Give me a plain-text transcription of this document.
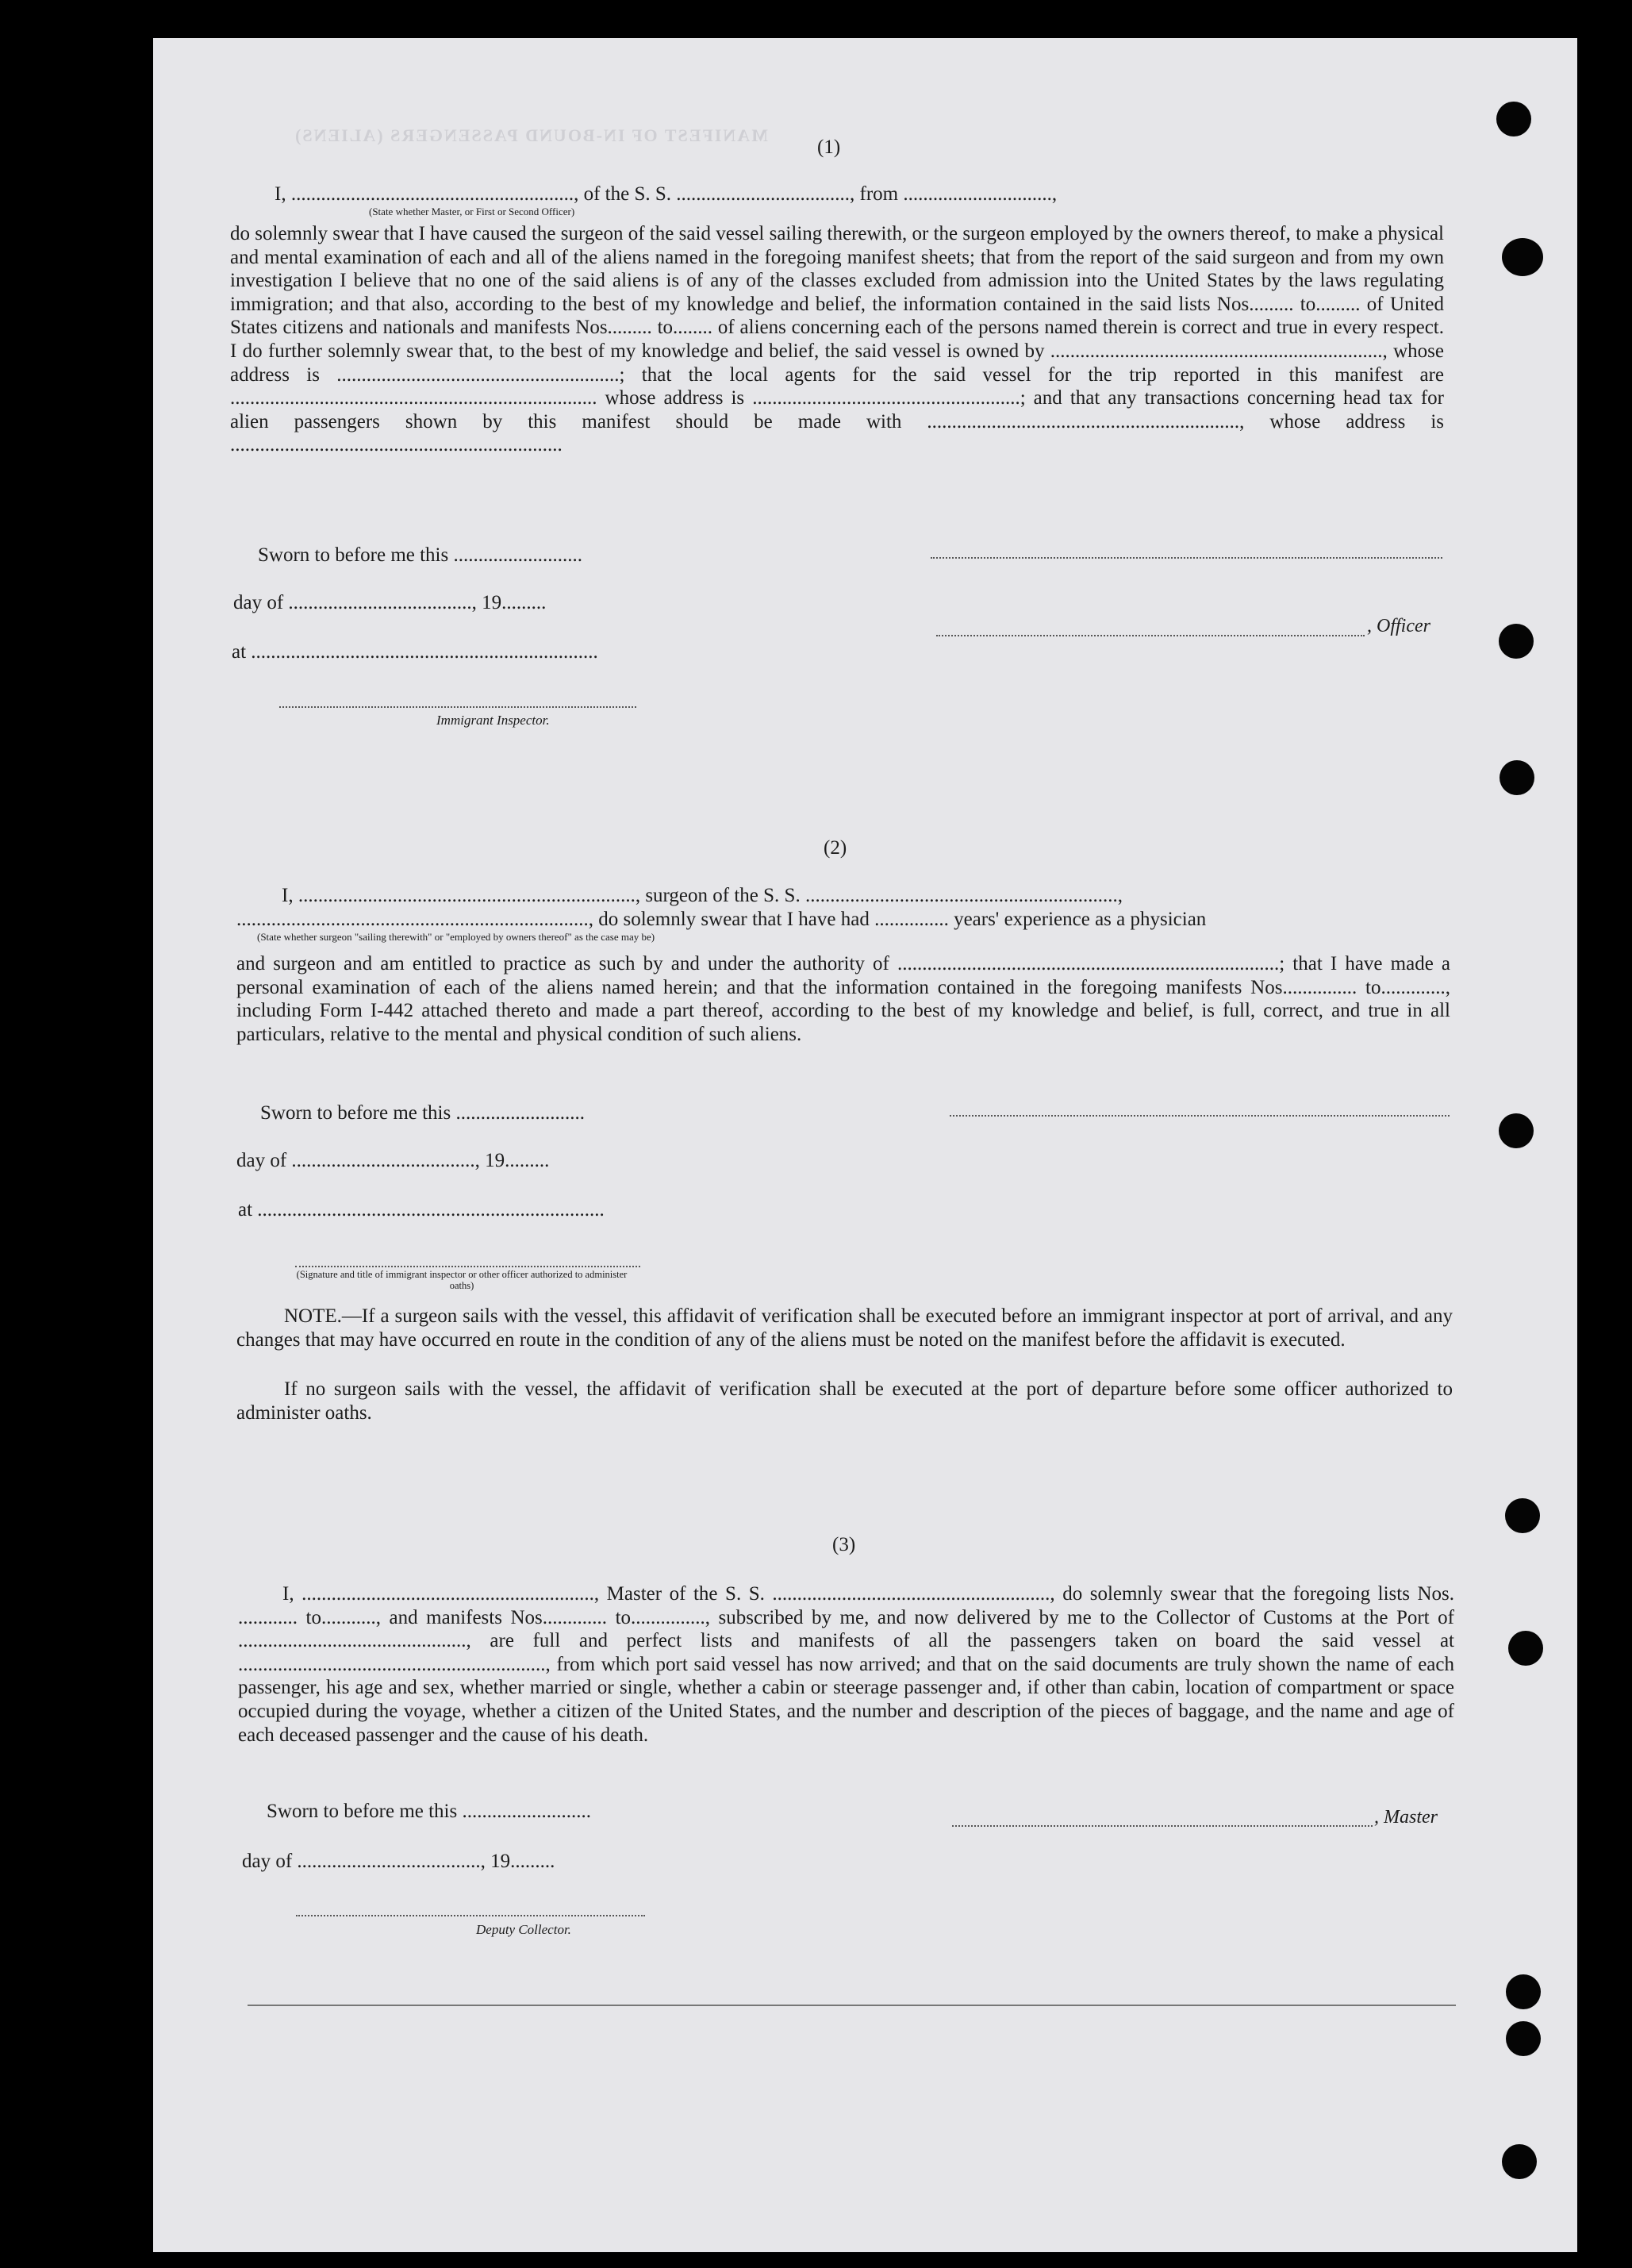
MANIFEST OF IN-BOUND PASSENGERS (ALIENS)
(1)
I, ........................................................., of the S. S. ..................................., from ..............................,
(State whether Master, or First or Second Officer)
do solemnly swear that I have caused the surgeon of the said vessel sailing therewith, or the surgeon employed by the owners thereof, to make a physical and mental examination of each and all of the aliens named in the foregoing manifest sheets; that from the report of the said surgeon and from my own investigation I believe that no one of the said aliens is of any of the classes excluded from admission into the United States by the laws regulating immigration; and that also, according to the best of my knowledge and belief, the information contained in the said lists Nos......... to......... of United States citizens and nationals and manifests Nos......... to........ of aliens concerning each of the persons named therein is correct and true in every respect. I do further solemnly swear that, to the best of my knowledge and belief, the said vessel is owned by ..................................................................., whose address is .........................................................; that the local agents for the said vessel for the trip reported in this manifest are .......................................................................... whose address is ......................................................; and that any transactions concerning head tax for alien passengers shown by this manifest should be made with ..............................................................., whose address is ...................................................................
Sworn to before me this ..........................
day of ....................................., 19.........
at ......................................................................
Immigrant Inspector.
, Officer
(2)
I, ...................................................................., surgeon of the S. S. ...............................................................,
......................................................................., do solemnly swear that I have had ............... years' experience as a physician
(State whether surgeon "sailing therewith" or "employed by owners thereof" as the case may be)
and surgeon and am entitled to practice as such by and under the authority of .............................................................................; that I have made a personal examination of each of the aliens named herein; and that the information contained in the foregoing manifests Nos............... to............., including Form I-442 attached thereto and made a part thereof, according to the best of my knowledge and belief, is full, correct, and true in all particulars, relative to the mental and physical condition of such aliens.
Sworn to before me this ..........................
day of ....................................., 19.........
at ......................................................................
(Signature and title of immigrant inspector or other officer authorized to administer oaths)
NOTE.—If a surgeon sails with the vessel, this affidavit of verification shall be executed before an immigrant inspector at port of arrival, and any changes that may have occurred en route in the condition of any of the aliens must be noted on the manifest before the affidavit is executed.
If no surgeon sails with the vessel, the affidavit of verification shall be executed at the port of departure before some officer authorized to administer oaths.
(3)
I, ..........................................................., Master of the S. S. ........................................................, do solemnly swear that the foregoing lists Nos. ............ to..........., and manifests Nos............. to..............., subscribed by me, and now delivered by me to the Collector of Customs at the Port of .............................................., are full and perfect lists and manifests of all the passengers taken on board the said vessel at .............................................................., from which port said vessel has now arrived; and that on the said documents are truly shown the name of each passenger, his age and sex, whether married or single, whether a cabin or steerage passenger and, if other than cabin, location of compartment or space occupied during the voyage, whether a citizen of the United States, and the number and description of the pieces of baggage, and the name and age of each deceased passenger and the cause of his death.
Sworn to before me this ..........................
day of ....................................., 19.........
Deputy Collector.
, Master
